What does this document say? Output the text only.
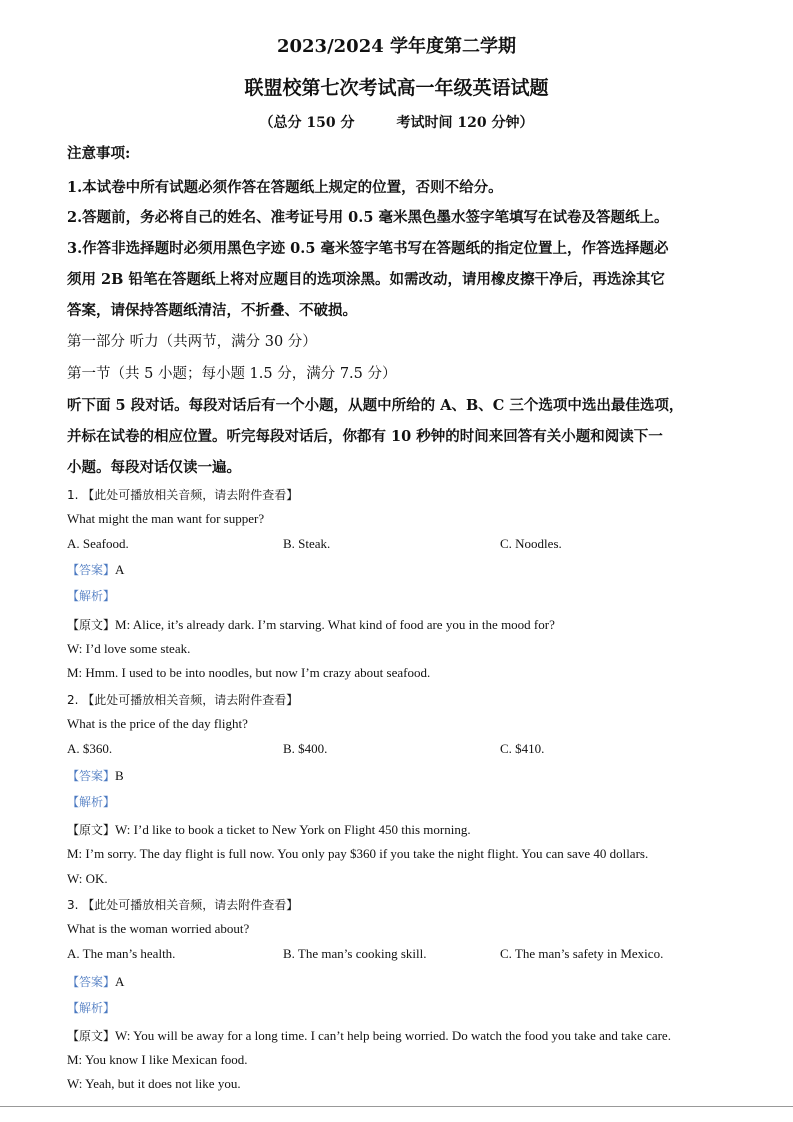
2023/2024 学年度第二学期
联盟校第七次考试高一年级英语试题
（总分 150 分	考试时间 120 分钟）
注意事项:
1.本试卷中所有试题必须作答在答题纸上规定的位置，否则不给分。
2.答题前，务必将自己的姓名、准考证号用 0.5 毫米黑色墨水签字笔填写在试卷及答题纸上。
3.作答非选择题时必须用黑色字迹 0.5 毫米签字笔书写在答题纸的指定位置上，作答选择题必
须用 2B 铅笔在答题纸上将对应题目的选项涂黑。如需改动，请用橡皮擦干净后，再选涂其它
答案，请保持答题纸清洁，不折叠、不破损。
第一部分 听力（共两节，满分 30 分）
第一节（共 5 小题；每小题 1.5 分，满分 7.5 分）
听下面 5 段对话。每段对话后有一个小题，从题中所给的 A、B、C 三个选项中选出最佳选项，
并标在试卷的相应位置。听完每段对话后，你都有 10 秒钟的时间来回答有关小题和阅读下一
小题。每段对话仅读一遍。
1. 【此处可播放相关音频，请去附件查看】
What might the man want for supper?
A. Seafood.	B. Steak.	C. Noodles.
【答案】A
【解析】
【原文】M: Alice, it’s already dark. I’m starving. What kind of food are you in the mood for?
W: I’d love some steak.
M: Hmm. I used to be into noodles, but now I’m crazy about seafood.
2. 【此处可播放相关音频，请去附件查看】
What is the price of the day flight?
A. $360.	B. $400.	C. $410.
【答案】B
【解析】
【原文】W: I’d like to book a ticket to New York on Flight 450 this morning.
M: I’m sorry. The day flight is full now. You only pay $360 if you take the night flight. You can save 40 dollars.
W: OK.
3. 【此处可播放相关音频，请去附件查看】
What is the woman worried about?
A. The man’s health.	B. The man’s cooking skill.	C. The man’s safety in Mexico.
【答案】A
【解析】
【原文】W: You will be away for a long time. I can’t help being worried. Do watch the food you take and take care.
M: You know I like Mexican food.
W: Yeah, but it does not like you.
